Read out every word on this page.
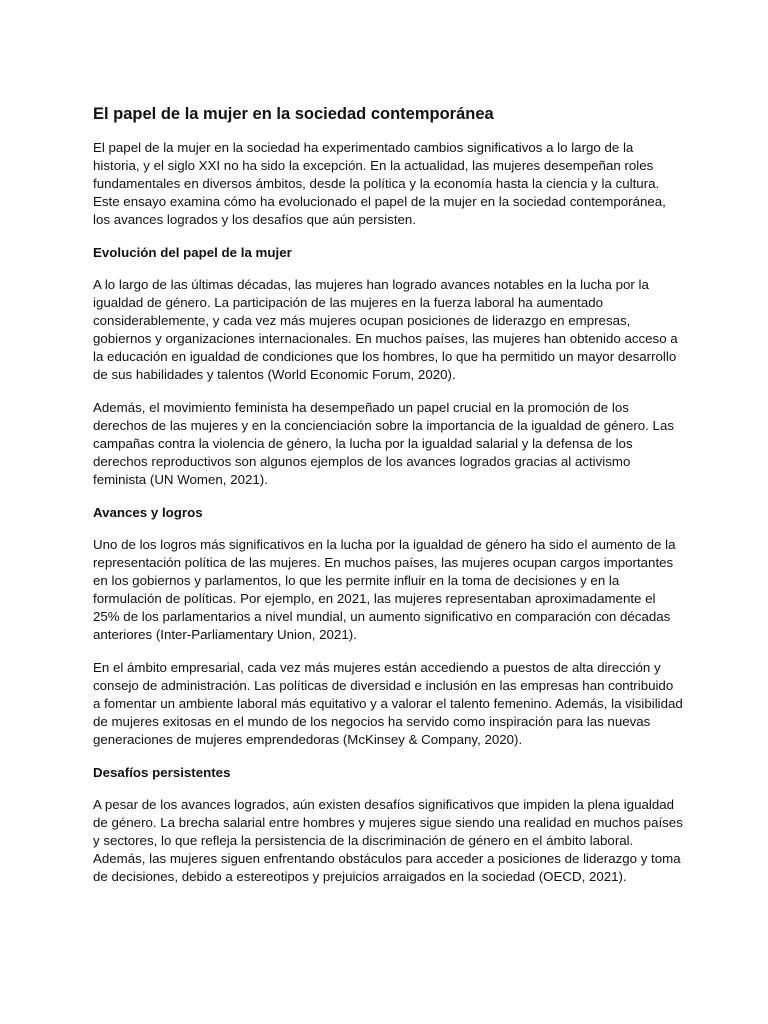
El papel de la mujer en la sociedad contemporánea

El papel de la mujer en la sociedad ha experimentado cambios significativos a lo largo de la historia, y el siglo XXI no ha sido la excepción. En la actualidad, las mujeres desempeñan roles fundamentales en diversos ámbitos, desde la política y la economía hasta la ciencia y la cultura. Este ensayo examina cómo ha evolucionado el papel de la mujer en la sociedad contemporánea, los avances logrados y los desafíos que aún persisten.

Evolución del papel de la mujer

A lo largo de las últimas décadas, las mujeres han logrado avances notables en la lucha por la igualdad de género. La participación de las mujeres en la fuerza laboral ha aumentado considerablemente, y cada vez más mujeres ocupan posiciones de liderazgo en empresas, gobiernos y organizaciones internacionales. En muchos países, las mujeres han obtenido acceso a la educación en igualdad de condiciones que los hombres, lo que ha permitido un mayor desarrollo de sus habilidades y talentos (World Economic Forum, 2020).

Además, el movimiento feminista ha desempeñado un papel crucial en la promoción de los derechos de las mujeres y en la concienciación sobre la importancia de la igualdad de género. Las campañas contra la violencia de género, la lucha por la igualdad salarial y la defensa de los derechos reproductivos son algunos ejemplos de los avances logrados gracias al activismo feminista (UN Women, 2021).

Avances y logros

Uno de los logros más significativos en la lucha por la igualdad de género ha sido el aumento de la representación política de las mujeres. En muchos países, las mujeres ocupan cargos importantes en los gobiernos y parlamentos, lo que les permite influir en la toma de decisiones y en la formulación de políticas. Por ejemplo, en 2021, las mujeres representaban aproximadamente el 25% de los parlamentarios a nivel mundial, un aumento significativo en comparación con décadas anteriores (Inter-Parliamentary Union, 2021).

En el ámbito empresarial, cada vez más mujeres están accediendo a puestos de alta dirección y consejo de administración. Las políticas de diversidad e inclusión en las empresas han contribuido a fomentar un ambiente laboral más equitativo y a valorar el talento femenino. Además, la visibilidad de mujeres exitosas en el mundo de los negocios ha servido como inspiración para las nuevas generaciones de mujeres emprendedoras (McKinsey & Company, 2020).

Desafíos persistentes

A pesar de los avances logrados, aún existen desafíos significativos que impiden la plena igualdad de género. La brecha salarial entre hombres y mujeres sigue siendo una realidad en muchos países y sectores, lo que refleja la persistencia de la discriminación de género en el ámbito laboral. Además, las mujeres siguen enfrentando obstáculos para acceder a posiciones de liderazgo y toma de decisiones, debido a estereotipos y prejuicios arraigados en la sociedad (OECD, 2021).
